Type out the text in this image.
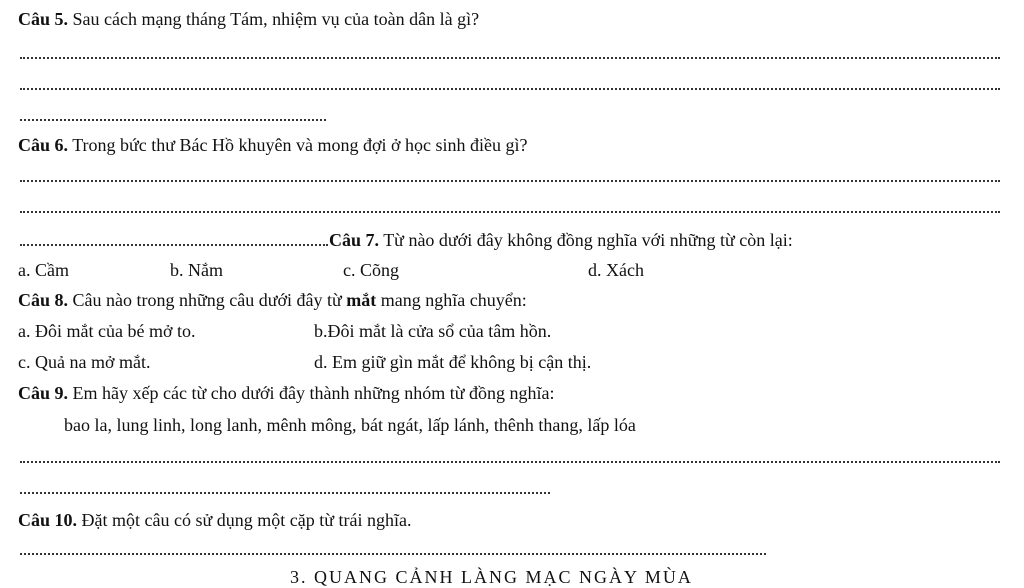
Câu 5. Sau cách mạng tháng Tám, nhiệm vụ của toàn dân là gì?
Câu 6. Trong bức thư Bác Hồ khuyên và mong đợi ở học sinh điều gì?
Câu 7. Từ nào dưới đây không đồng nghĩa với những từ còn lại:
a. Cầm	b. Nắm	c. Cõng	d. Xách
Câu 8. Câu nào trong những câu dưới đây từ mắt mang nghĩa chuyển:
a. Đôi mắt của bé mở to.	b.Đôi mắt là cửa sổ của tâm hồn.
c. Quả na mở mắt.	d. Em giữ gìn mắt để không bị cận thị.
Câu 9. Em hãy xếp các từ cho dưới đây thành những nhóm từ đồng nghĩa:
bao la, lung linh, long lanh, mênh mông, bát ngát, lấp lánh, thênh thang, lấp lóa
Câu 10. Đặt một câu có sử dụng một cặp từ trái nghĩa.
3. QUANG CẢNH LÀNG MẠC NGÀY MÙA
